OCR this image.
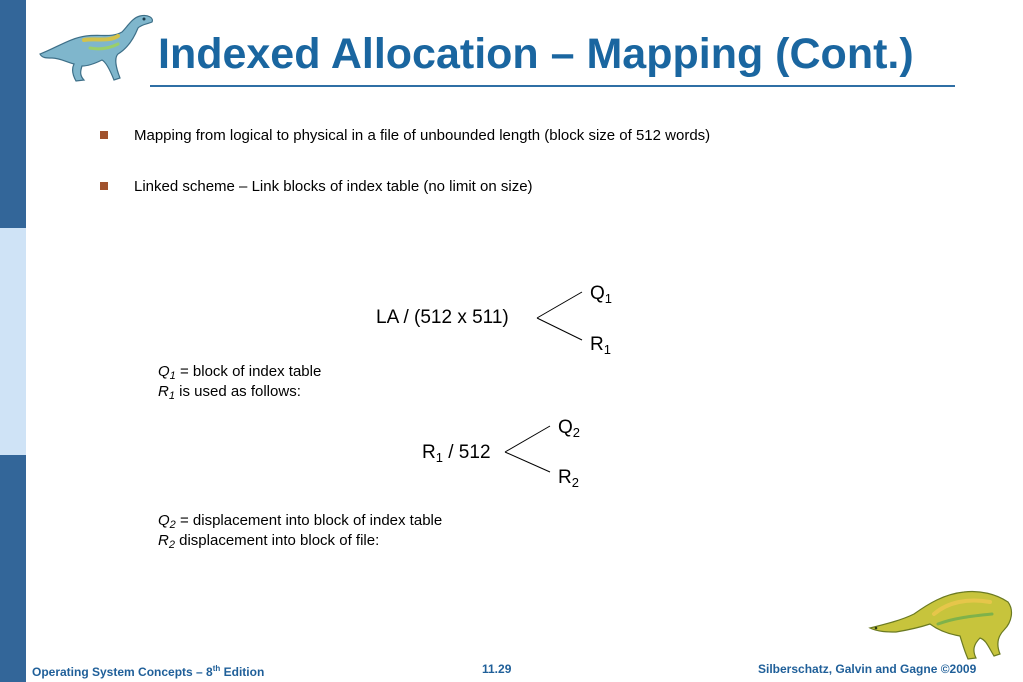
Indexed Allocation – Mapping (Cont.)
Mapping from logical to physical in a file of unbounded length (block size of 512 words)
Linked scheme – Link blocks of index table (no limit on size)
LA / (512 x 511)
$Q_1$
$R_1$
$Q_1$ = block of index table
$R_1$ is used as follows:
$R_1 / 512$
$Q_2$
$R_2$
$Q_2$ = displacement into block of index table
$R_2$ displacement into block of file:
Operating System Concepts – 8th Edition	11.29	Silberschatz, Galvin and Gagne ©2009
